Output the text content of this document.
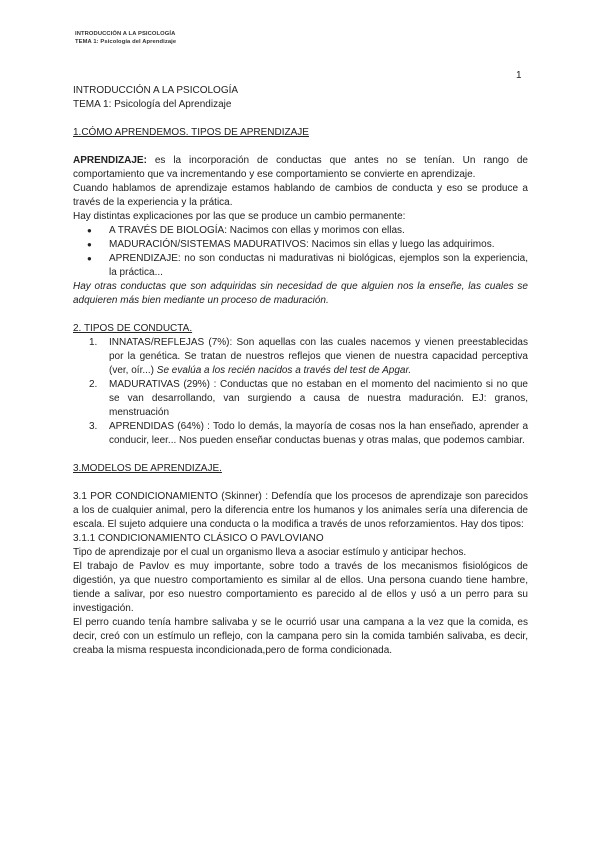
INTRODUCCIÓN A LA PSICOLOGÍA
TEMA 1: Psicología del Aprendizaje
1

INTRODUCCIÓN A LA PSICOLOGÍA

TEMA 1: Psicología del Aprendizaje

1.CÓMO APRENDEMOS. TIPOS DE APRENDIZAJE

APRENDIZAJE: es la incorporación de conductas que antes no se tenían. Un rango de comportamiento que va incrementando y ese comportamiento se convierte en aprendizaje.

Cuando hablamos de aprendizaje estamos hablando de cambios de conducta y eso se produce a través de la experiencia y la prática.

Hay distintas explicaciones por las que se produce un cambio permanente:

● A TRAVÉS DE BIOLOGÍA: Nacimos con ellas y morimos con ellas.
● MADURACIÓN/SISTEMAS MADURATIVOS: Nacimos sin ellas y luego las adquirimos.
● APRENDIZAJE: no son conductas ni madurativas ni biológicas, ejemplos son la experiencia, la práctica...

Hay otras conductas que son adquiridas sin necesidad de que alguien nos la enseñe, las cuales se adquieren más bien mediante un proceso de maduración.

2. TIPOS DE CONDUCTA.

1. INNATAS/REFLEJAS (7%): Son aquellas con las cuales nacemos y vienen preestablecidas por la genética. Se tratan de nuestros reflejos que vienen de nuestra capacidad perceptiva (ver, oír...) Se evalúa a los recién nacidos a través del test de Apgar.
2. MADURATIVAS (29%) : Conductas que no estaban en el momento del nacimiento si no que se van desarrollando, van surgiendo a causa de nuestra maduración. EJ: granos, menstruación
3. APRENDIDAS (64%) : Todo lo demás, la mayoría de cosas nos la han enseñado, aprender a conducir, leer... Nos pueden enseñar conductas buenas y otras malas, que podemos cambiar.

3.MODELOS DE APRENDIZAJE.

3.1 POR CONDICIONAMIENTO (Skinner) : Defendía que los procesos de aprendizaje son parecidos a los de cualquier animal, pero la diferencia entre los humanos y los animales sería una diferencia de escala. El sujeto adquiere una conducta o la modifica a través de unos reforzamientos. Hay dos tipos:

3.1.1 CONDICIONAMIENTO CLÁSICO O PAVLOVIANO

Tipo de aprendizaje por el cual un organismo lleva a asociar estímulo y anticipar hechos.

El trabajo de Pavlov es muy importante, sobre todo a través de los mecanismos fisiológicos de digestión, ya que nuestro comportamiento es similar al de ellos. Una persona cuando tiene hambre, tiende a salivar, por eso nuestro comportamiento es parecido al de ellos y usó a un perro para su investigación.

El perro cuando tenía hambre salivaba y se le ocurrió usar una campana a la vez que la comida, es decir, creó con un estímulo un reflejo, con la campana pero sin la comida también salivaba, es decir, creaba la misma respuesta incondicionada,pero de forma condicionada.
